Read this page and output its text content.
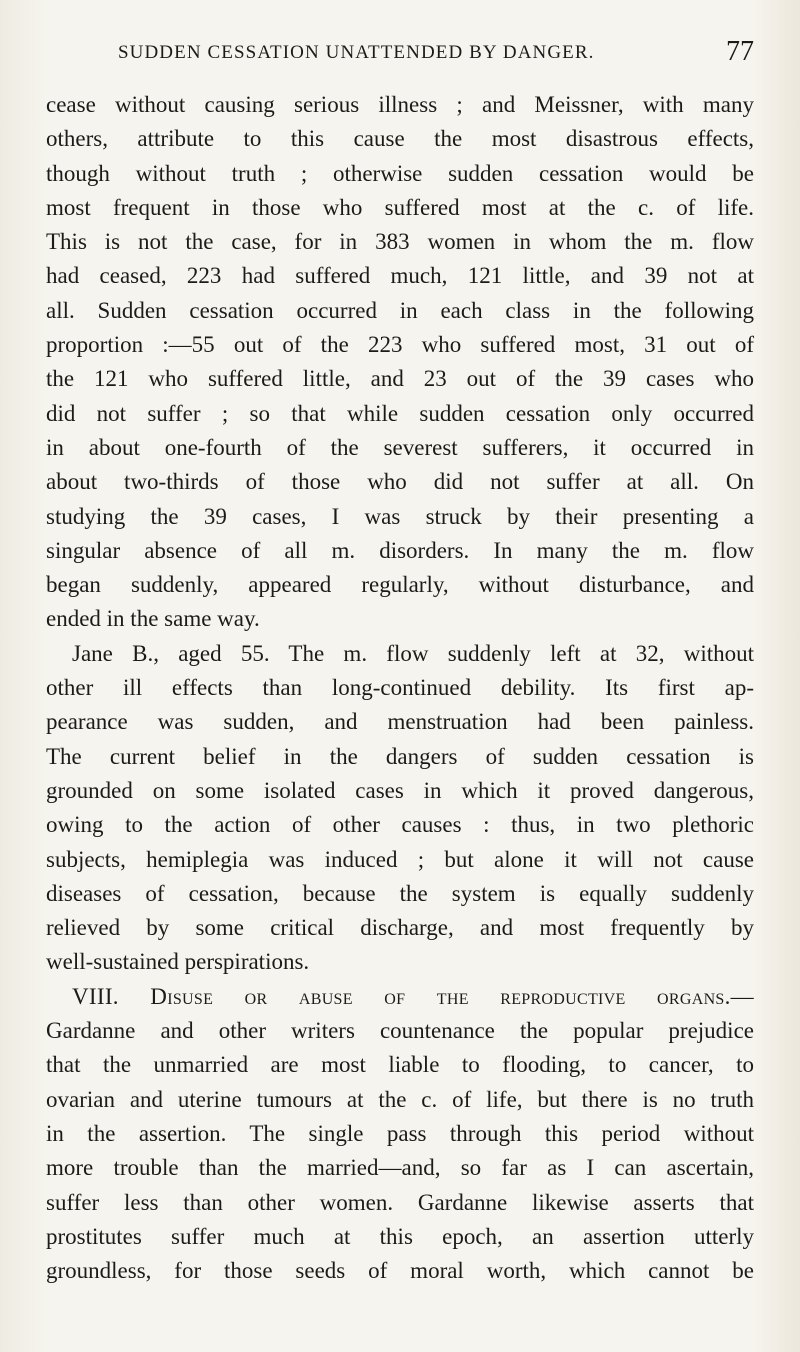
SUDDEN CESSATION UNATTENDED BY DANGER.	77
cease without causing serious illness ; and Meissner, with many
others, attribute to this cause the most disastrous effects,
though without truth ; otherwise sudden cessation would be
most frequent in those who suffered most at the c. of life.
This is not the case, for in 383 women in whom the m. flow
had ceased, 223 had suffered much, 121 little, and 39 not at
all. Sudden cessation occurred in each class in the following
proportion :—55 out of the 223 who suffered most, 31 out of
the 121 who suffered little, and 23 out of the 39 cases who
did not suffer ; so that while sudden cessation only occurred
in about one-fourth of the severest sufferers, it occurred in
about two-thirds of those who did not suffer at all. On
studying the 39 cases, I was struck by their presenting a
singular absence of all m. disorders. In many the m. flow
began suddenly, appeared regularly, without disturbance, and
ended in the same way.
Jane B., aged 55. The m. flow suddenly left at 32, without
other ill effects than long-continued debility. Its first ap-
pearance was sudden, and menstruation had been painless.
The current belief in the dangers of sudden cessation is
grounded on some isolated cases in which it proved dangerous,
owing to the action of other causes : thus, in two plethoric
subjects, hemiplegia was induced ; but alone it will not cause
diseases of cessation, because the system is equally suddenly
relieved by some critical discharge, and most frequently by
well-sustained perspirations.
VIII. Disuse or abuse of the reproductive organs.—
Gardanne and other writers countenance the popular prejudice
that the unmarried are most liable to flooding, to cancer, to
ovarian and uterine tumours at the c. of life, but there is no truth
in the assertion. The single pass through this period without
more trouble than the married—and, so far as I can ascertain,
suffer less than other women. Gardanne likewise asserts that
prostitutes suffer much at this epoch, an assertion utterly
groundless, for those seeds of moral worth, which cannot be
